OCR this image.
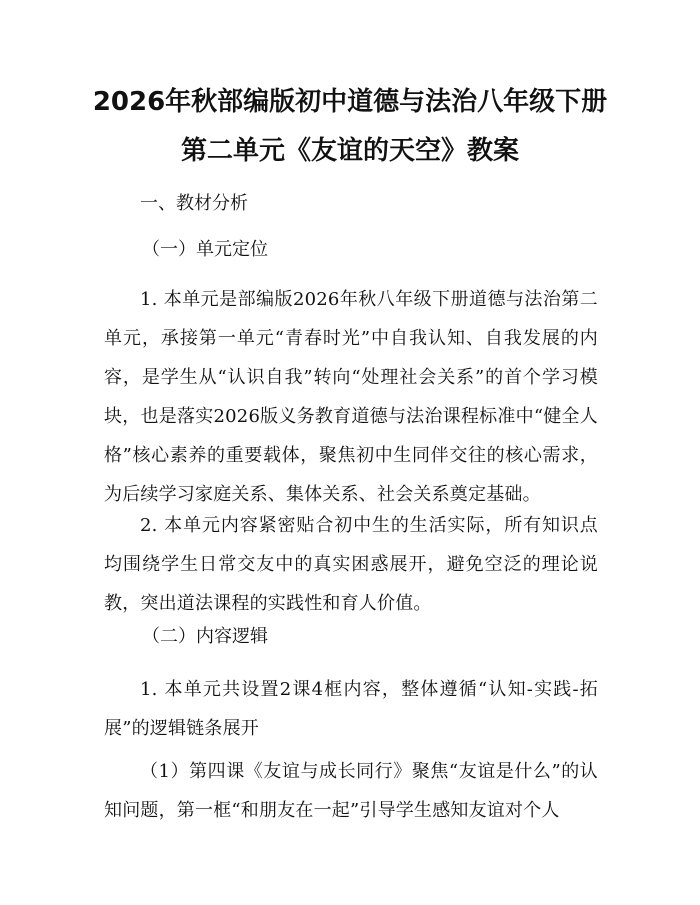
2026年秋部编版初中道德与法治八年级下册
第二单元《友谊的天空》教案
一、教材分析
（一）单元定位
1. 本单元是部编版2026年秋八年级下册道德与法治第二单元，承接第一单元“青春时光”中自我认知、自我发展的内容，是学生从“认识自我”转向“处理社会关系”的首个学习模块，也是落实2026版义务教育道德与法治课程标准中“健全人格”核心素养的重要载体，聚焦初中生同伴交往的核心需求，为后续学习家庭关系、集体关系、社会关系奠定基础。
2. 本单元内容紧密贴合初中生的生活实际，所有知识点均围绕学生日常交友中的真实困惑展开，避免空泛的理论说教，突出道法课程的实践性和育人价值。
（二）内容逻辑
1. 本单元共设置2课4框内容，整体遵循“认知-实践-拓展”的逻辑链条展开
（1）第四课《友谊与成长同行》聚焦“友谊是什么”的认知问题，第一框“和朋友在一起”引导学生感知友谊对个人
